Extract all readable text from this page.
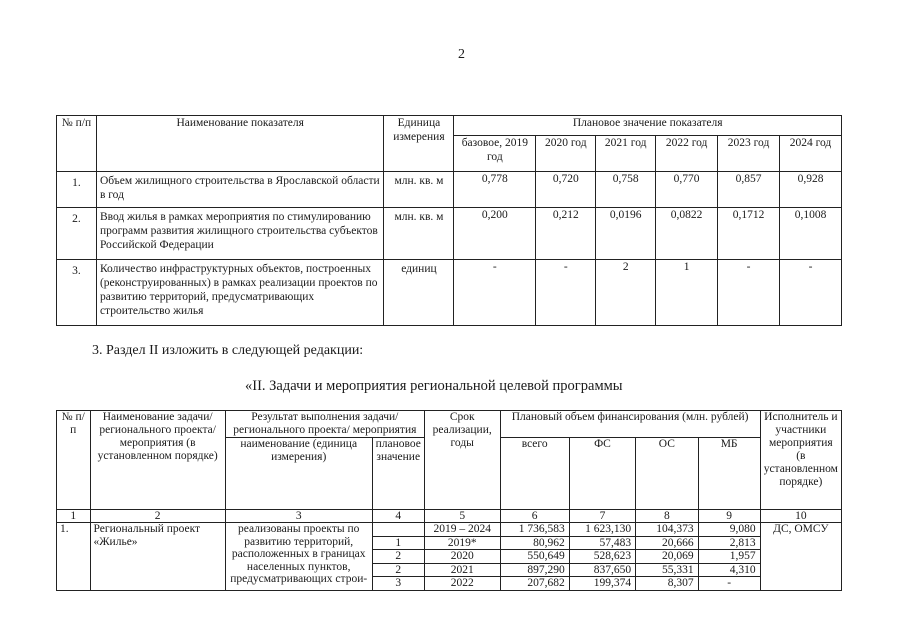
2
№ п/п	Наименование показателя	Единица измерения	Плановое значение показателя					
			базовое, 2019 год	2020 год	2021 год	2022 год	2023 год	2024 год
1.	Объем жилищного строительства в Ярославской области в год	млн. кв. м	0,778	0,720	0,758	0,770	0,857	0,928
2.	Ввод жилья в рамках мероприятия по стимулированию программ развития жилищного строительства субъектов Российской Федерации	млн. кв. м	0,200	0,212	0,0196	0,0822	0,1712	0,1008
3.	Количество инфраструктурных объектов, построенных (реконструированных) в рамках реализации проектов по развитию территорий, предусматривающих строительство жилья	единиц	-	-	2	1	-	-
3. Раздел II изложить в следующей редакции:
«II. Задачи и мероприятия региональной целевой программы
№ п/п	Наименование задачи/ регионального проекта/ мероприятия (в установленном порядке)	Результат выполнения задачи/ регионального проекта/ мероприятия		Срок реализации, годы	Плановый объем финансирования (млн. рублей)				Исполнитель и участники мероприятия (в установленном порядке)
		наименование (единица измерения)	плановое значение		всего	ФС	ОС	МБ	
1	2	3	4	5	6	7	8	9	10
1.	Региональный проект «Жилье»	реализованы проекты по развитию территорий, расположенных в границах населенных пунктов, предусматривающих строи-		2019 – 2024	1 736,583	1 623,130	104,373	9,080	ДС, ОМСУ
			1	2019*	80,962	57,483	20,666	2,813	
			2	2020	550,649	528,623	20,069	1,957	
			2	2021	897,290	837,650	55,331	4,310	
			3	2022	207,682	199,374	8,307	-	
